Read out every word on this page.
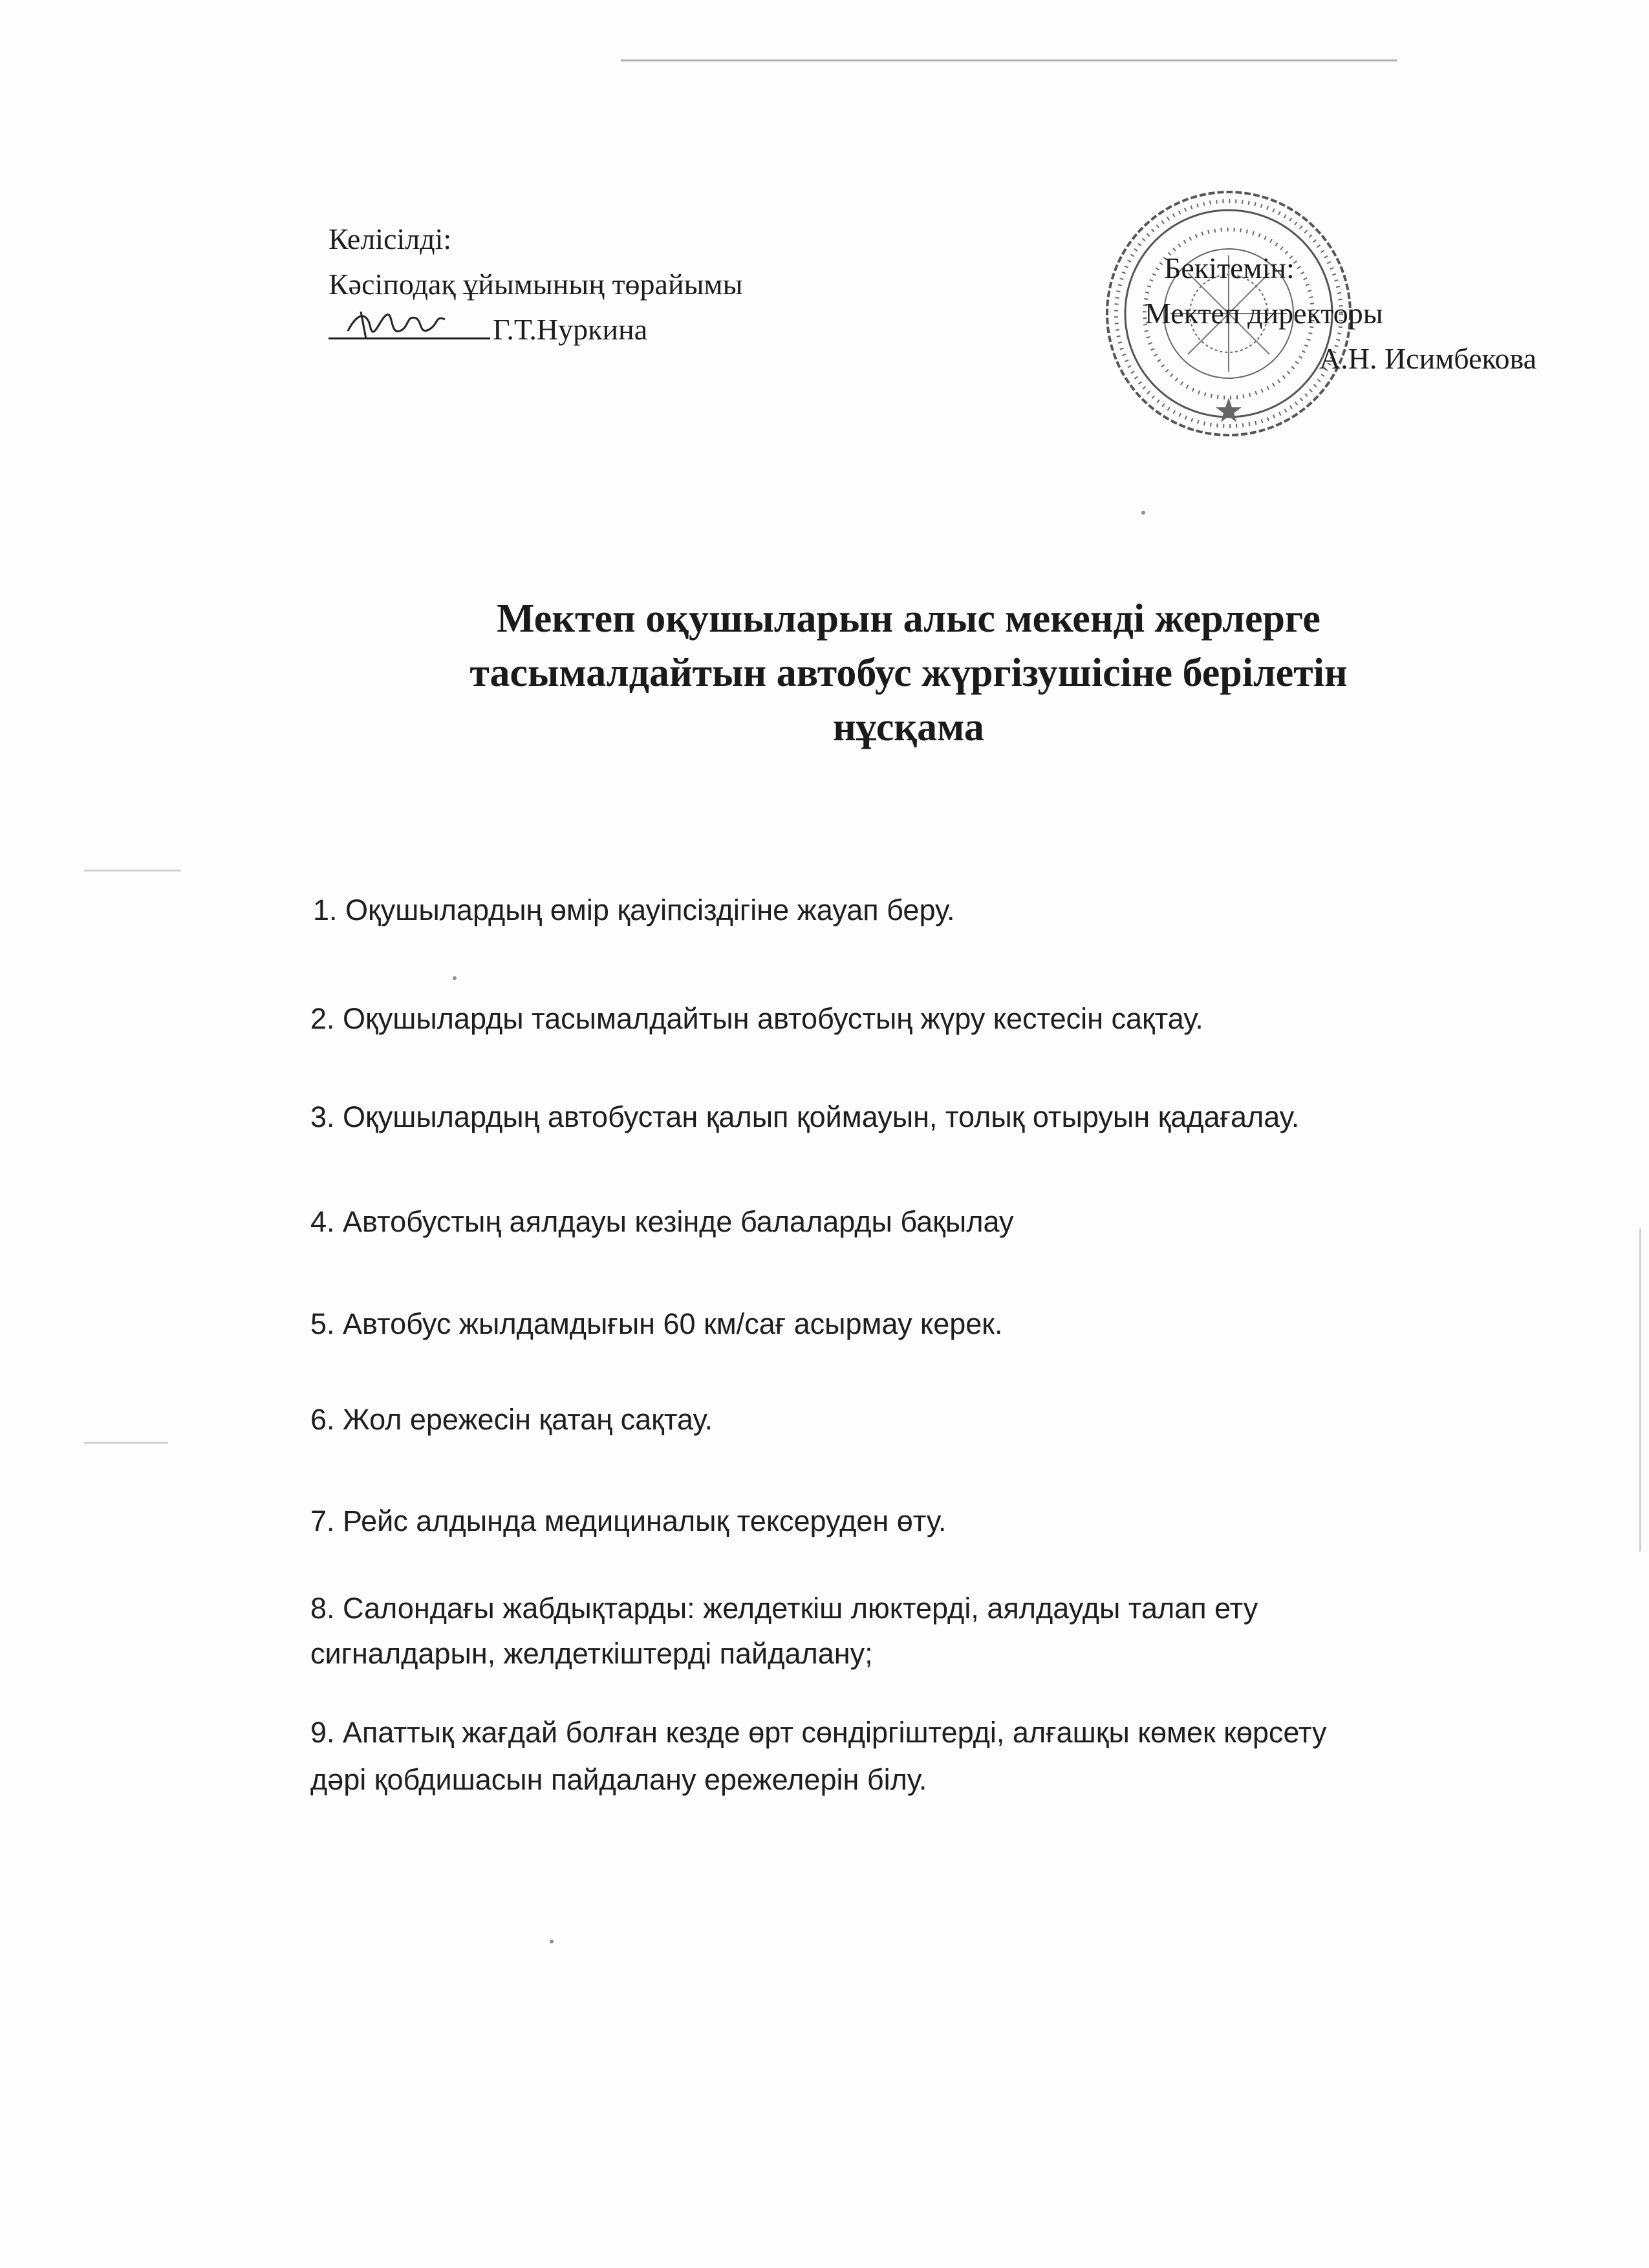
Келісілді:
Кәсіподақ ұйымының төрайымы
Г.Т.Нуркина
Бекітемін:
Мектеп директоры
А.Н. Исимбекова
Мектеп оқушыларын алыс мекенді жерлерге
тасымалдайтын автобус жүргізушісіне берілетін
нұсқама
1. Оқушылардың өмір қауіпсіздігіне жауап беру.
2. Оқушыларды тасымалдайтын автобустың жүру кестесін сақтау.
3. Оқушылардың автобустан қалып қоймауын, толық отыруын қадағалау.
4. Автобустың аялдауы кезінде балаларды бақылау
5. Автобус жылдамдығын 60 км/сағ асырмау керек.
6. Жол ережесін қатаң сақтау.
7. Рейс алдында медициналық тексеруден өту.
8. Салондағы жабдықтарды: желдеткіш люктерді, аялдауды талап ету
сигналдарын, желдеткіштерді пайдалану;
9. Апаттық жағдай болған кезде өрт сөндіргіштерді, алғашқы көмек көрсету
дәрі қобдишасын пайдалану ережелерін білу.
